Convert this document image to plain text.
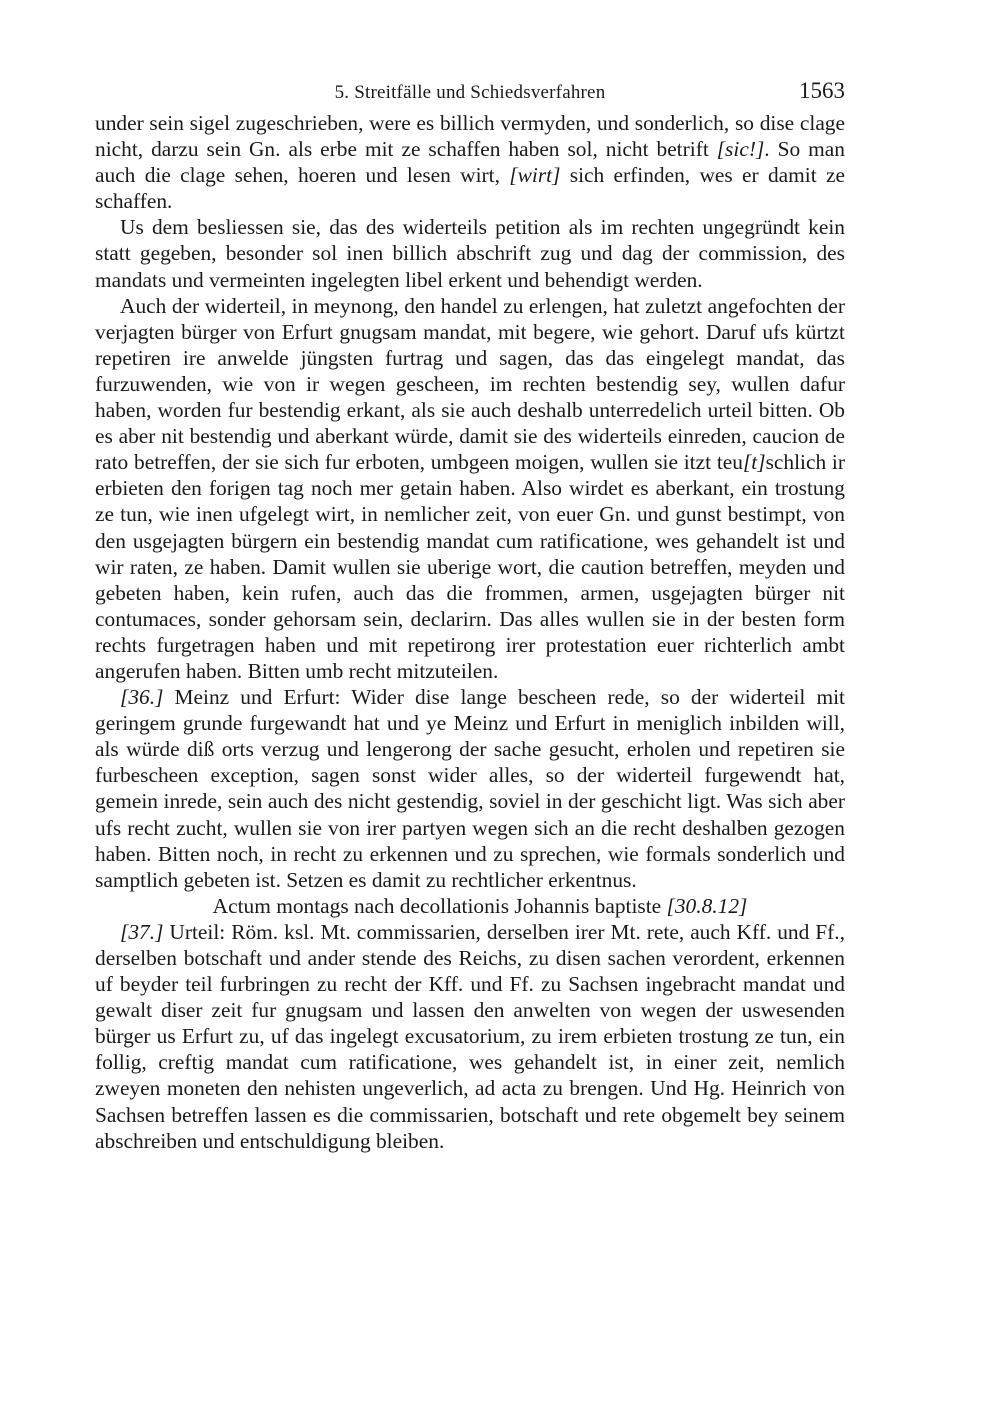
5. Streitfälle und Schiedsverfahren	1563

under sein sigel zugeschrieben, were es billich vermyden, und sonderlich, so dise clage nicht, darzu sein Gn. als erbe mit ze schaffen haben sol, nicht betrift [sic!]. So man auch die clage sehen, hoeren und lesen wirt, [wirt] sich erfinden, wes er damit ze schaffen.

Us dem besliessen sie, das des widerteils petition als im rechten ungegründt kein statt gegeben, besonder sol inen billich abschrift zug und dag der commission, des mandats und vermeinten ingelegten libel erkent und behendigt werden.

Auch der widerteil, in meynong, den handel zu erlengen, hat zuletzt angefochten der verjagten bürger von Erfurt gnugsam mandat, mit begere, wie gehort. Daruf ufs kürtzt repetiren ire anwelde jüngsten furtrag und sagen, das das eingelegt mandat, das furzuwenden, wie von ir wegen gescheen, im rechten bestendig sey, wullen dafur haben, worden fur bestendig erkant, als sie auch deshalb unterredelich urteil bitten. Ob es aber nit bestendig und aberkant würde, damit sie des widerteils einreden, caucion de rato betreffen, der sie sich fur erboten, umbgeen moigen, wullen sie itzt teu[t]schlich ir erbieten den forigen tag noch mer getain haben. Also wirdet es aberkant, ein trostung ze tun, wie inen ufgelegt wirt, in nemlicher zeit, von euer Gn. und gunst bestimpt, von den usgejagten bürgern ein bestendig mandat cum ratificatione, wes gehandelt ist und wir raten, ze haben. Damit wullen sie uberige wort, die caution betreffen, meyden und gebeten haben, kein rufen, auch das die frommen, armen, usgejagten bürger nit contumaces, sonder gehorsam sein, declarirn. Das alles wullen sie in der besten form rechts furgetragen haben und mit repetirong irer protestation euer richterlich ambt angerufen haben. Bitten umb recht mitzuteilen.

[36.] Meinz und Erfurt: Wider dise lange bescheen rede, so der widerteil mit geringem grunde furgewandt hat und ye Meinz und Erfurt in meniglich inbilden will, als würde diß orts verzug und lengerong der sache gesucht, erholen und repetiren sie furbescheen exception, sagen sonst wider alles, so der widerteil furgewendt hat, gemein inrede, sein auch des nicht gestendig, soviel in der geschicht ligt. Was sich aber ufs recht zucht, wullen sie von irer partyen wegen sich an die recht deshalben gezogen haben. Bitten noch, in recht zu erkennen und zu sprechen, wie formals sonderlich und samptlich gebeten ist. Setzen es damit zu rechtlicher erkentnus.

Actum montags nach decollationis Johannis baptiste [30.8.12]

[37.] Urteil: Röm. ksl. Mt. commissarien, derselben irer Mt. rete, auch Kff. und Ff., derselben botschaft und ander stende des Reichs, zu disen sachen verordent, erkennen uf beyder teil furbringen zu recht der Kff. und Ff. zu Sachsen ingebracht mandat und gewalt diser zeit fur gnugsam und lassen den anwelten von wegen der uswesenden bürger us Erfurt zu, uf das ingelegt excusatorium, zu irem erbieten trostung ze tun, ein follig, creftig mandat cum ratificatione, wes gehandelt ist, in einer zeit, nemlich zweyen moneten den nehisten ungeverlich, ad acta zu brengen. Und Hg. Heinrich von Sachsen betreffen lassen es die commissarien, botschaft und rete obgemelt bey seinem abschreiben und entschuldigung bleiben.
